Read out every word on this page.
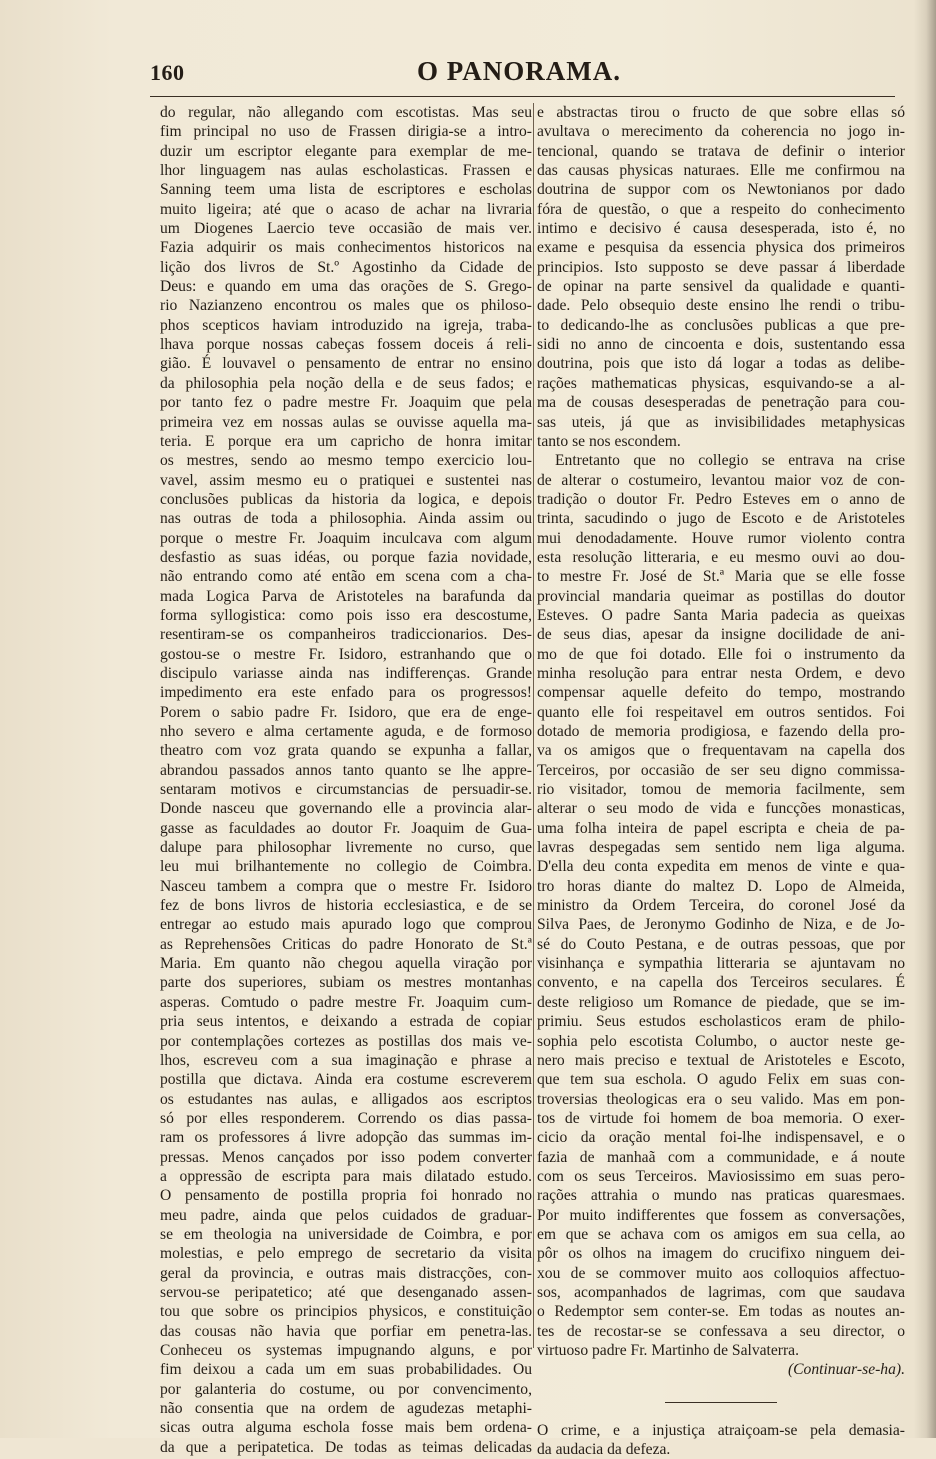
160	O PANORAMA.
do regular, não allegando com escotistas. Mas seu
fim principal no uso de Frassen dirigia-se a intro-
duzir um escriptor elegante para exemplar de me-
lhor linguagem nas aulas escholasticas. Frassen e
Sanning teem uma lista de escriptores e escholas
muito ligeira; até que o acaso de achar na livraria
um Diogenes Laercio teve occasião de mais ver.
Fazia adquirir os mais conhecimentos historicos na
lição dos livros de St.º Agostinho da Cidade de
Deus: e quando em uma das orações de S. Grego-
rio Nazianzeno encontrou os males que os philoso-
phos scepticos haviam introduzido na igreja, traba-
lhava porque nossas cabeças fossem doceis á reli-
gião. É louvavel o pensamento de entrar no ensino
da philosophia pela noção della e de seus fados; e
por tanto fez o padre mestre Fr. Joaquim que pela
primeira vez em nossas aulas se ouvisse aquella ma-
teria. E porque era um capricho de honra imitar
os mestres, sendo ao mesmo tempo exercicio lou-
vavel, assim mesmo eu o pratiquei e sustentei nas
conclusões publicas da historia da logica, e depois
nas outras de toda a philosophia. Ainda assim ou
porque o mestre Fr. Joaquim inculcava com algum
desfastio as suas idéas, ou porque fazia novidade,
não entrando como até então em scena com a cha-
mada Logica Parva de Aristoteles na barafunda da
forma syllogistica: como pois isso era descostume,
resentiram-se os companheiros tradiccionarios. Des-
gostou-se o mestre Fr. Isidoro, estranhando que o
discipulo variasse ainda nas indifferenças. Grande
impedimento era este enfado para os progressos!
Porem o sabio padre Fr. Isidoro, que era de enge-
nho severo e alma certamente aguda, e de formoso
theatro com voz grata quando se expunha a fallar,
abrandou passados annos tanto quanto se lhe appre-
sentaram motivos e circumstancias de persuadir-se.
Donde nasceu que governando elle a provincia alar-
gasse as faculdades ao doutor Fr. Joaquim de Gua-
dalupe para philosophar livremente no curso, que
leu mui brilhantemente no collegio de Coimbra.
Nasceu tambem a compra que o mestre Fr. Isidoro
fez de bons livros de historia ecclesiastica, e de se
entregar ao estudo mais apurado logo que comprou
as Reprehensões Criticas do padre Honorato de St.ª
Maria. Em quanto não chegou aquella viração por
parte dos superiores, subiam os mestres montanhas
asperas. Comtudo o padre mestre Fr. Joaquim cum-
pria seus intentos, e deixando a estrada de copiar
por contemplações cortezes as postillas dos mais ve-
lhos, escreveu com a sua imaginação e phrase a
postilla que dictava. Ainda era costume escreverem
os estudantes nas aulas, e alligados aos escriptos
só por elles responderem. Correndo os dias passa-
ram os professores á livre adopção das summas im-
pressas. Menos cançados por isso podem converter
a oppressão de escripta para mais dilatado estudo.
O pensamento de postilla propria foi honrado no
meu padre, ainda que pelos cuidados de graduar-
se em theologia na universidade de Coimbra, e por
molestias, e pelo emprego de secretario da visita
geral da provincia, e outras mais distracções, con-
servou-se peripatetico; até que desenganado assen-
tou que sobre os principios physicos, e constituição
das cousas não havia que porfiar em penetra-las.
Conheceu os systemas impugnando alguns, e por
fim deixou a cada um em suas probabilidades. Ou
por galanteria do costume, ou por convencimento,
não consentia que na ordem de agudezas metaphi-
sicas outra alguma eschola fosse mais bem ordena-
da que a peripatetica. De todas as teimas delicadas
e abstractas tirou o fructo de que sobre ellas só
avultava o merecimento da coherencia no jogo in-
tencional, quando se tratava de definir o interior
das causas physicas naturaes. Elle me confirmou na
doutrina de suppor com os Newtonianos por dado
fóra de questão, o que a respeito do conhecimento
intimo e decisivo é causa desesperada, isto é, no
exame e pesquisa da essencia physica dos primeiros
principios. Isto supposto se deve passar á liberdade
de opinar na parte sensivel da qualidade e quanti-
dade. Pelo obsequio deste ensino lhe rendi o tribu-
to dedicando-lhe as conclusões publicas a que pre-
sidi no anno de cincoenta e dois, sustentando essa
doutrina, pois que isto dá logar a todas as delibe-
rações mathematicas physicas, esquivando-se a al-
ma de cousas desesperadas de penetração para cou-
sas uteis, já que as invisibilidades metaphysicas
tanto se nos escondem.
Entretanto que no collegio se entrava na crise
de alterar o costumeiro, levantou maior voz de con-
tradição o doutor Fr. Pedro Esteves em o anno de
trinta, sacudindo o jugo de Escoto e de Aristoteles
mui denodadamente. Houve rumor violento contra
esta resolução litteraria, e eu mesmo ouvi ao dou-
to mestre Fr. José de St.ª Maria que se elle fosse
provincial mandaria queimar as postillas do doutor
Esteves. O padre Santa Maria padecia as queixas
de seus dias, apesar da insigne docilidade de ani-
mo de que foi dotado. Elle foi o instrumento da
minha resolução para entrar nesta Ordem, e devo
compensar aquelle defeito do tempo, mostrando
quanto elle foi respeitavel em outros sentidos. Foi
dotado de memoria prodigiosa, e fazendo della pro-
va os amigos que o frequentavam na capella dos
Terceiros, por occasião de ser seu digno commissa-
rio visitador, tomou de memoria facilmente, sem
alterar o seu modo de vida e funcções monasticas,
uma folha inteira de papel escripta e cheia de pa-
lavras despegadas sem sentido nem liga alguma.
D'ella deu conta expedita em menos de vinte e qua-
tro horas diante do maltez D. Lopo de Almeida,
ministro da Ordem Terceira, do coronel José da
Silva Paes, de Jeronymo Godinho de Niza, e de Jo-
sé do Couto Pestana, e de outras pessoas, que por
visinhança e sympathia litteraria se ajuntavam no
convento, e na capella dos Terceiros seculares. É
deste religioso um Romance de piedade, que se im-
primiu. Seus estudos escholasticos eram de philo-
sophia pelo escotista Columbo, o auctor neste ge-
nero mais preciso e textual de Aristoteles e Escoto,
que tem sua eschola. O agudo Felix em suas con-
troversias theologicas era o seu valido. Mas em pon-
tos de virtude foi homem de boa memoria. O exer-
cicio da oração mental foi-lhe indispensavel, e o
fazia de manhaã com a communidade, e á noute
com os seus Terceiros. Maviosissimo em suas pero-
rações attrahia o mundo nas praticas quaresmaes.
Por muito indifferentes que fossem as conversações,
em que se achava com os amigos em sua cella, ao
pôr os olhos na imagem do crucifixo ninguem dei-
xou de se commover muito aos colloquios affectuo-
sos, acompanhados de lagrimas, com que saudava
o Redemptor sem conter-se. Em todas as noutes an-
tes de recostar-se se confessava a seu director, o
virtuoso padre Fr. Martinho de Salvaterra.
(Continuar-se-ha).
O crime, e a injustiça atraiçoam-se pela demasia-
da audacia da defeza.
